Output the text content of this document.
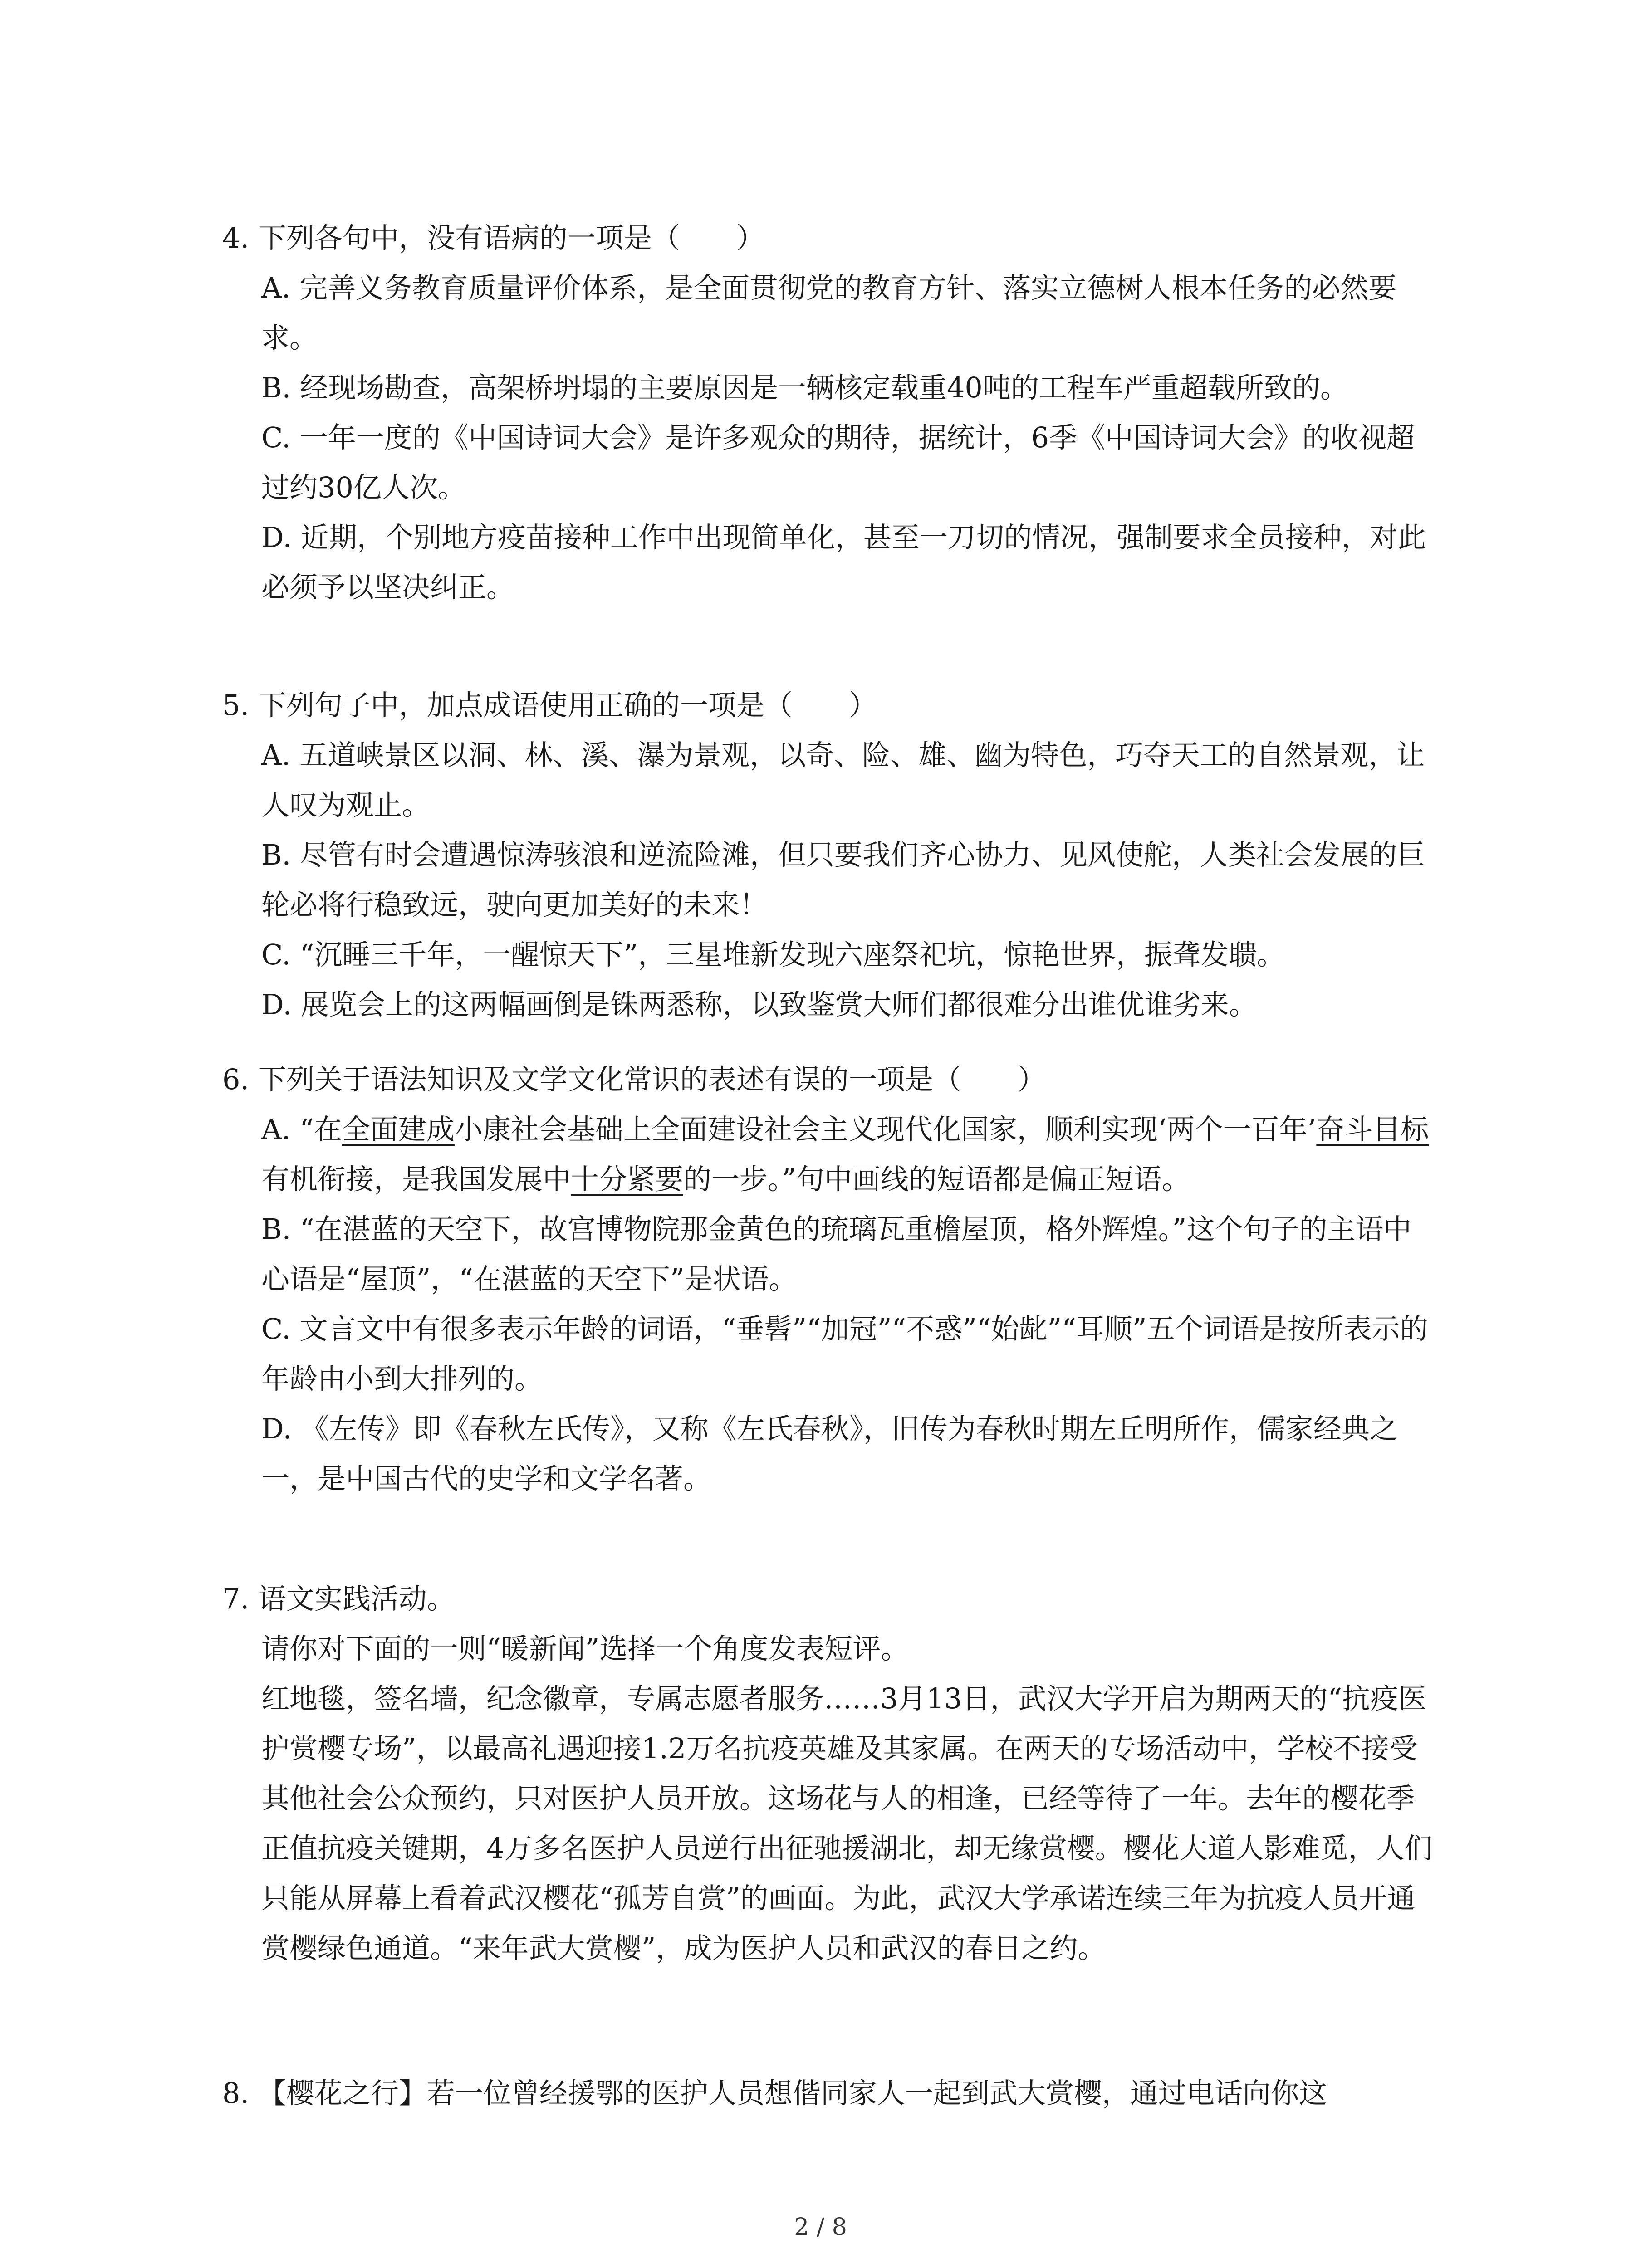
4. 下列各句中，没有语病的一项是（　　）

A. 完善义务教育质量评价体系，是全面贯彻党的教育方针、落实立德树人根本任务的必然要求。

B. 经现场勘查，高架桥坍塌的主要原因是一辆核定载重40吨的工程车严重超载所致的。

C. 一年一度的《中国诗词大会》是许多观众的期待，据统计，6季《中国诗词大会》的收视超过约30亿人次。

D. 近期，个别地方疫苗接种工作中出现简单化，甚至一刀切的情况，强制要求全员接种，对此必须予以坚决纠正。

5. 下列句子中，加点成语使用正确的一项是（　　）

A. 五道峡景区以洞、林、溪、瀑为景观，以奇、险、雄、幽为特色，巧夺天工的自然景观，让人叹为观止。

B. 尽管有时会遭遇惊涛骇浪和逆流险滩，但只要我们齐心协力、见风使舵，人类社会发展的巨轮必将行稳致远，驶向更加美好的未来！

C. “沉睡三千年，一醒惊天下”，三星堆新发现六座祭祀坑，惊艳世界，振聋发聩。

D. 展览会上的这两幅画倒是铢两悉称，以致鉴赏大师们都很难分出谁优谁劣来。

6. 下列关于语法知识及文学文化常识的表述有误的一项是（　　）

A. “在全面建成小康社会基础上全面建设社会主义现代化国家，顺利实现‘两个一百年’奋斗目标有机衔接，是我国发展中十分紧要的一步。”句中画线的短语都是偏正短语。

B. “在湛蓝的天空下，故宫博物院那金黄色的琉璃瓦重檐屋顶，格外辉煌。”这个句子的主语中心语是“屋顶”，“在湛蓝的天空下”是状语。

C. 文言文中有很多表示年龄的词语，“垂髫”“加冠”“不惑”“始龀”“耳顺”五个词语是按所表示的年龄由小到大排列的。

D. 《左传》即《春秋左氏传》，又称《左氏春秋》，旧传为春秋时期左丘明所作，儒家经典之一，是中国古代的史学和文学名著。

7. 语文实践活动。

请你对下面的一则“暖新闻”选择一个角度发表短评。

红地毯，签名墙，纪念徽章，专属志愿者服务……3月13日，武汉大学开启为期两天的“抗疫医护赏樱专场”，以最高礼遇迎接1.2万名抗疫英雄及其家属。在两天的专场活动中，学校不接受其他社会公众预约，只对医护人员开放。这场花与人的相逢，已经等待了一年。去年的樱花季正值抗疫关键期，4万多名医护人员逆行出征驰援湖北，却无缘赏樱。樱花大道人影难觅，人们只能从屏幕上看着武汉樱花“孤芳自赏”的画面。为此，武汉大学承诺连续三年为抗疫人员开通赏樱绿色通道。“来年武大赏樱”，成为医护人员和武汉的春日之约。

8. 【樱花之行】若一位曾经援鄂的医护人员想偕同家人一起到武大赏樱，通过电话向你这

2 / 8
